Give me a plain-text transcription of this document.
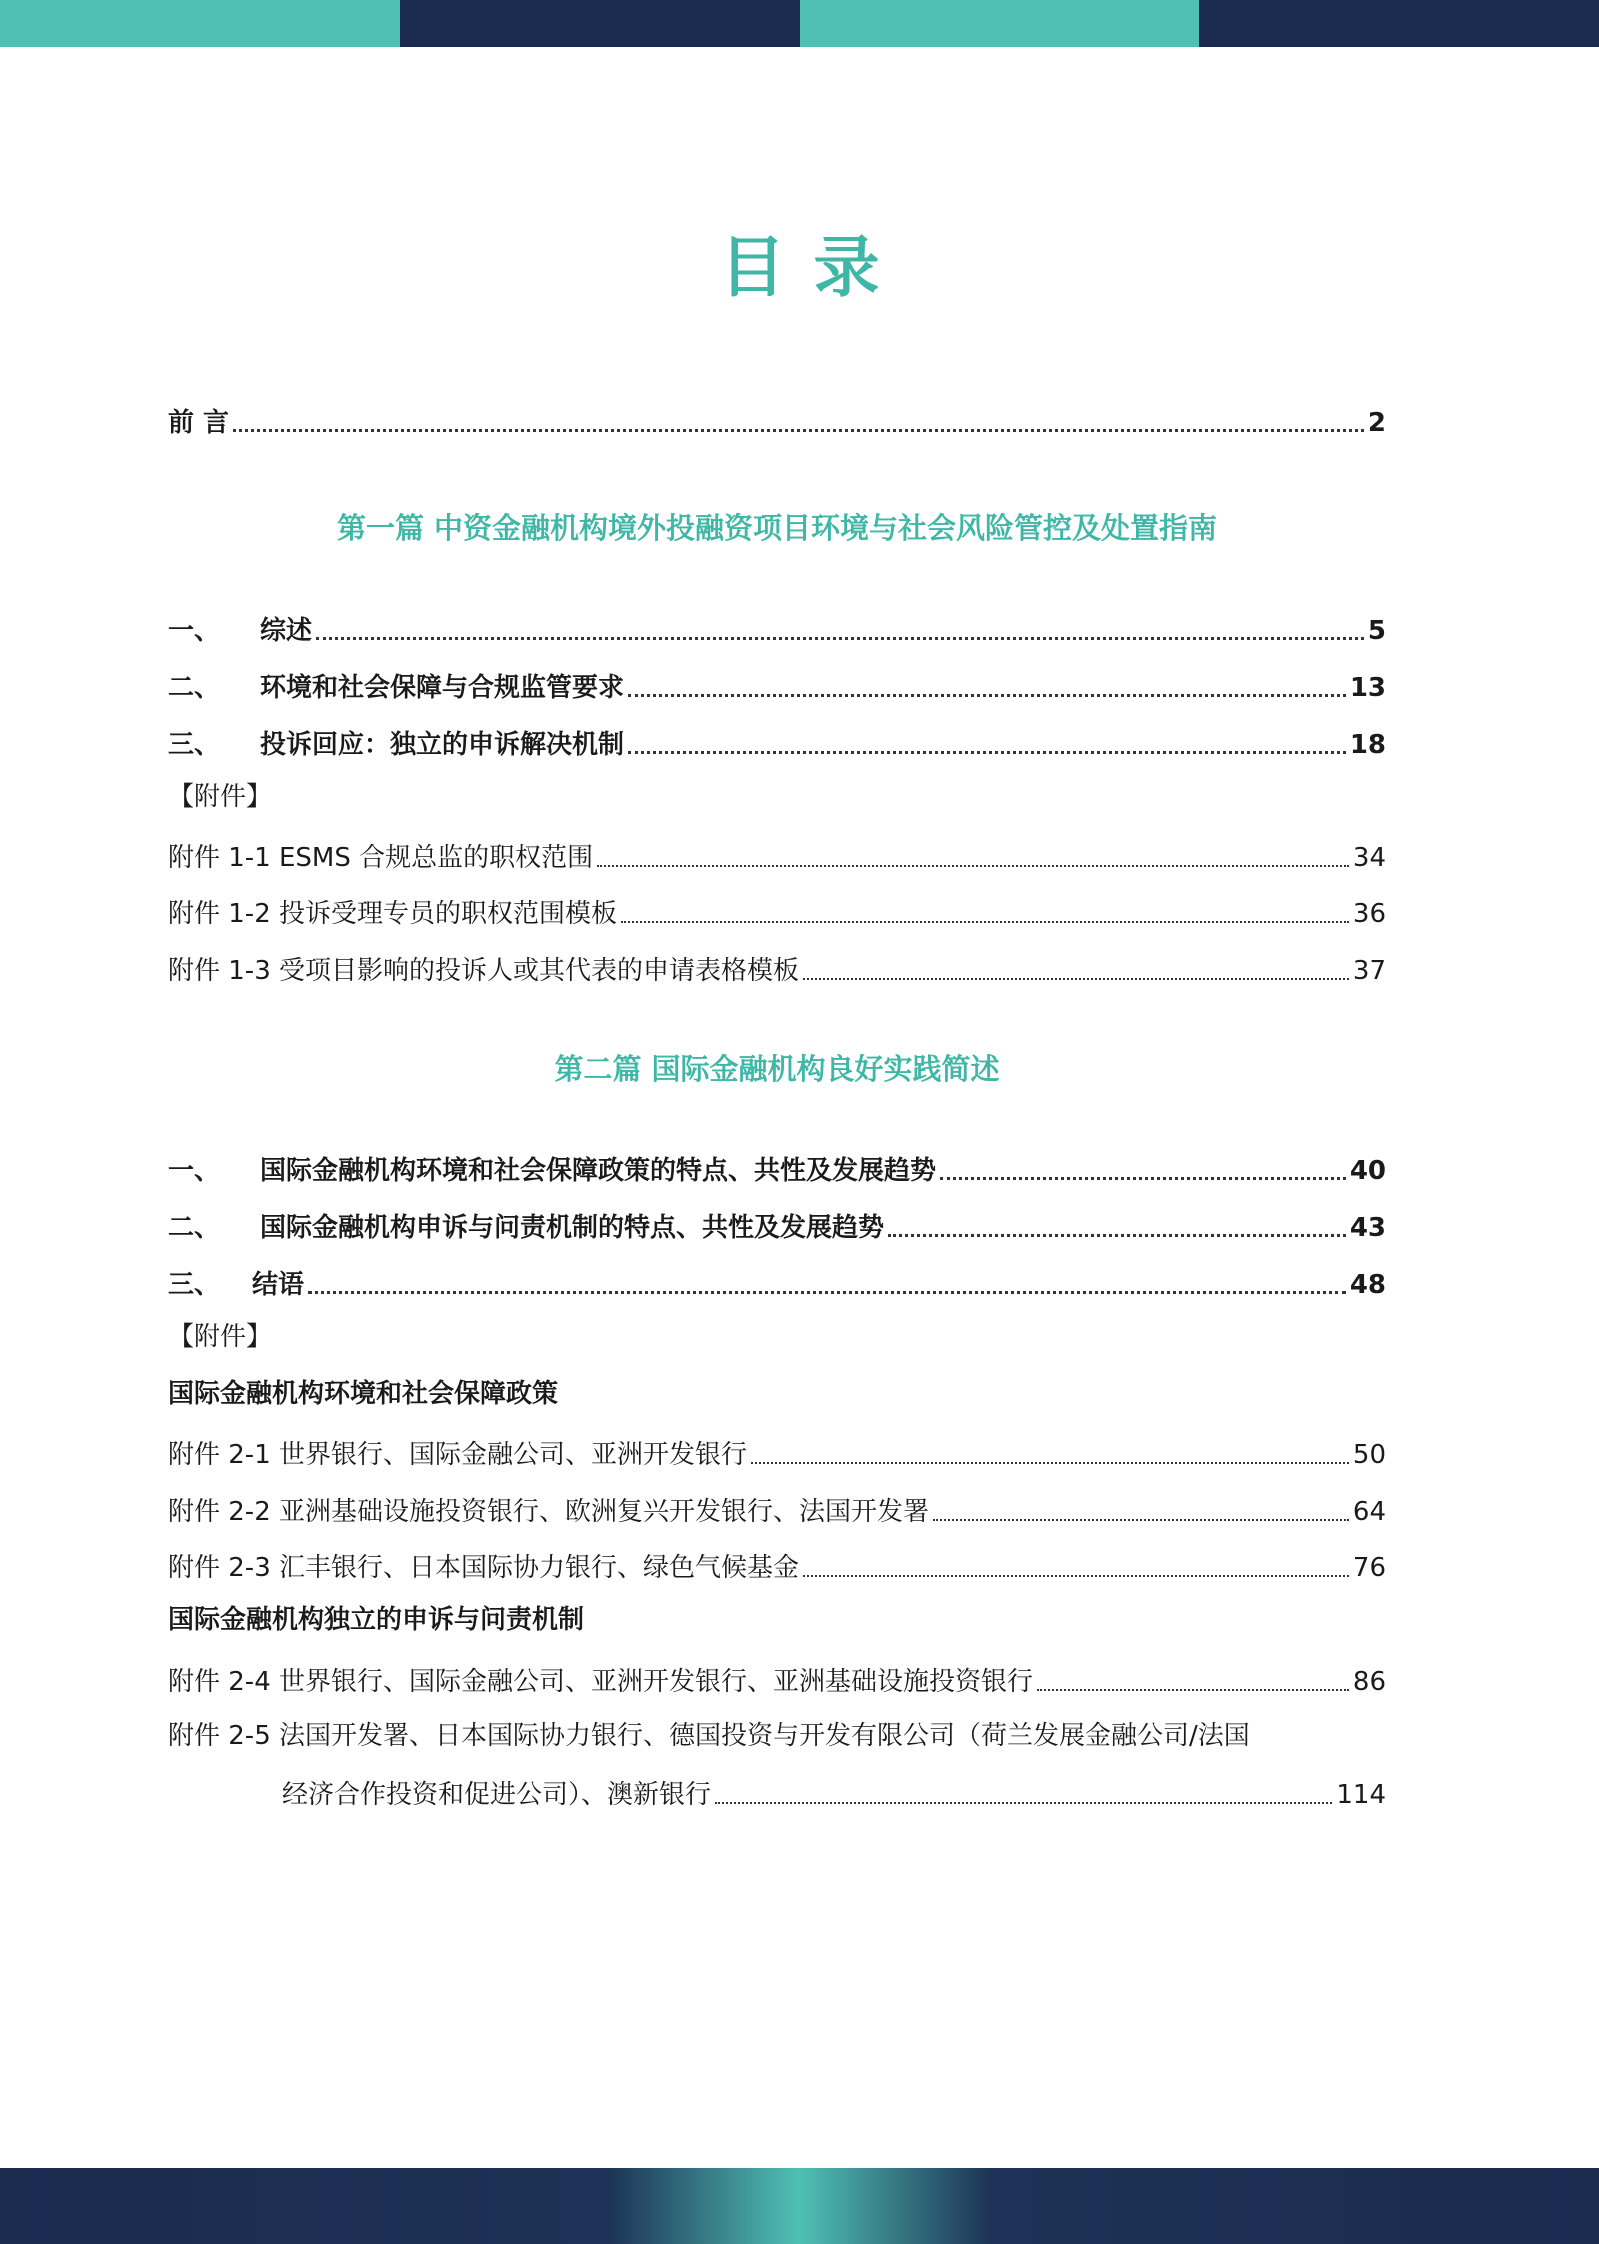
目录
前 言	2
第一篇 中资金融机构境外投融资项目环境与社会风险管控及处置指南
一、	综述	5
二、	环境和社会保障与合规监管要求	13
三、	投诉回应：独立的申诉解决机制	18
【附件】
附件 1-1 ESMS 合规总监的职权范围	34
附件 1-2 投诉受理专员的职权范围模板	36
附件 1-3 受项目影响的投诉人或其代表的申请表格模板	37
第二篇 国际金融机构良好实践简述
一、	国际金融机构环境和社会保障政策的特点、共性及发展趋势	40
二、	国际金融机构申诉与问责机制的特点、共性及发展趋势	43
三、	结语	48
【附件】
国际金融机构环境和社会保障政策
附件 2-1 世界银行、国际金融公司、亚洲开发银行	50
附件 2-2 亚洲基础设施投资银行、欧洲复兴开发银行、法国开发署	64
附件 2-3 汇丰银行、日本国际协力银行、绿色气候基金	76
国际金融机构独立的申诉与问责机制
附件 2-4 世界银行、国际金融公司、亚洲开发银行、亚洲基础设施投资银行	86
附件 2-5 法国开发署、日本国际协力银行、德国投资与开发有限公司（荷兰发展金融公司/法国
经济合作投资和促进公司）、澳新银行	114
